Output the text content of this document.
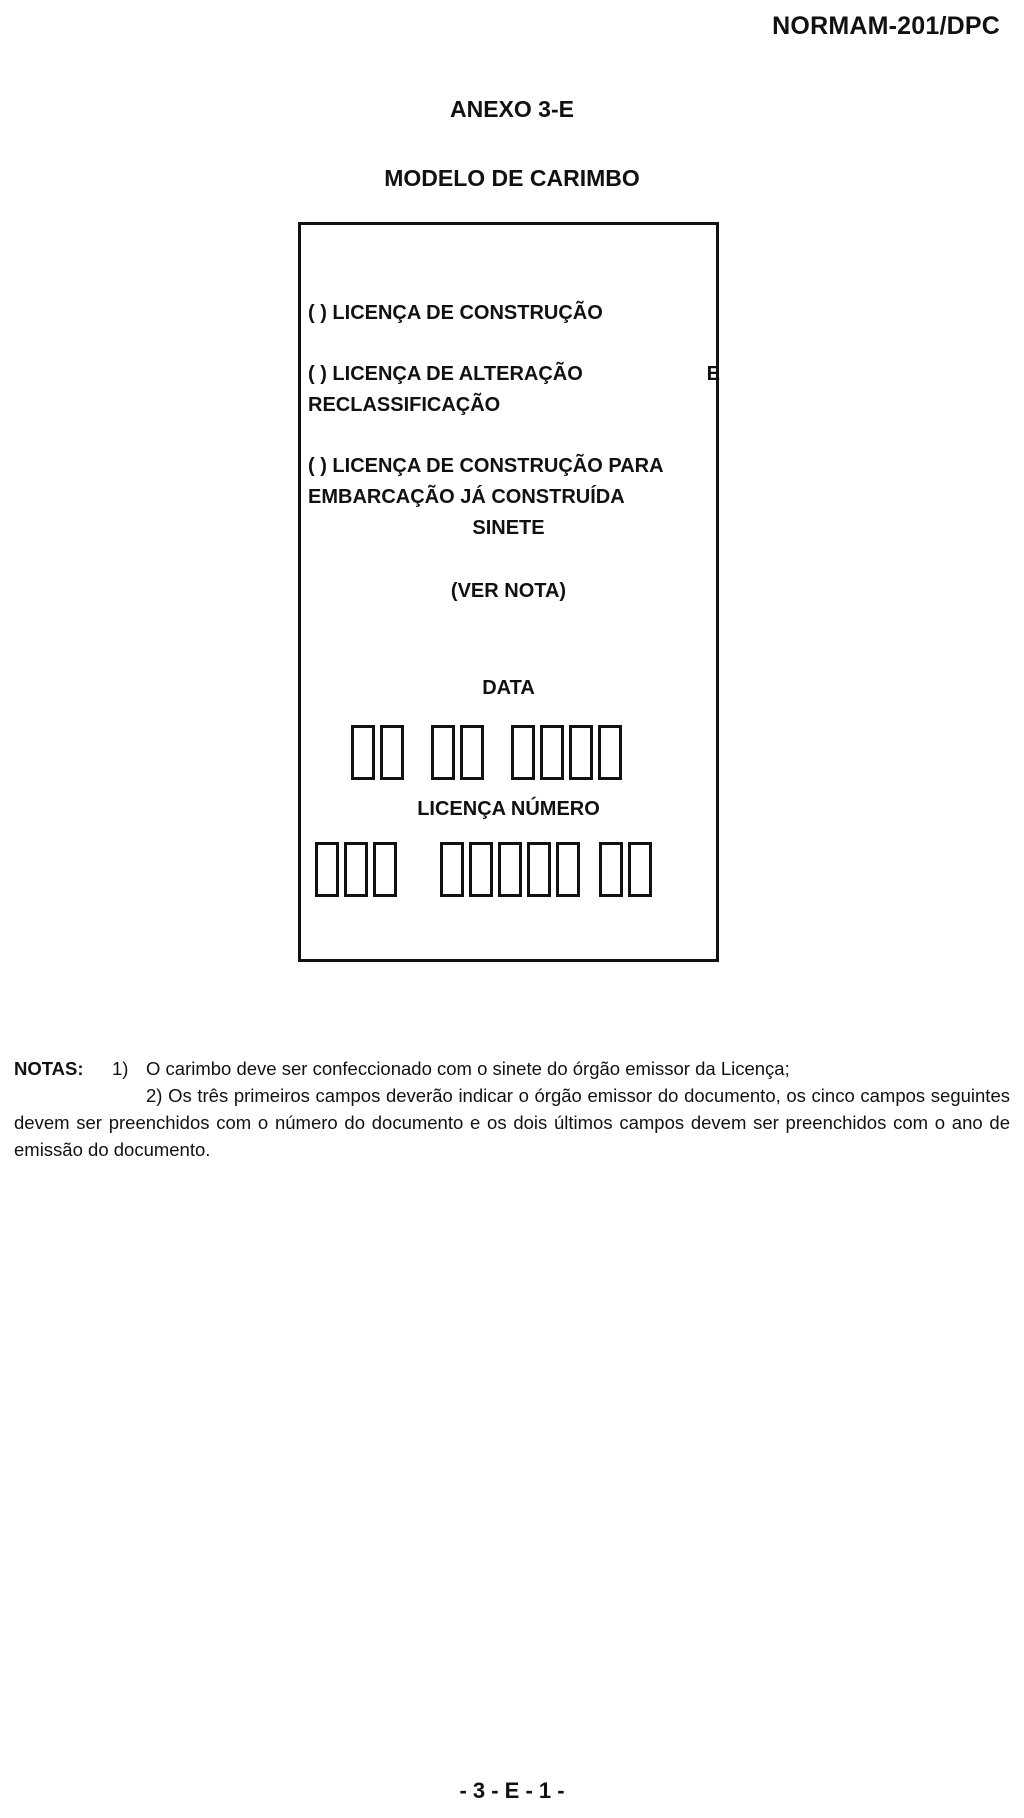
NORMAM-201/DPC
ANEXO 3-E
MODELO DE CARIMBO
( ) LICENÇA DE CONSTRUÇÃO
( ) LICENÇA DE ALTERAÇÃO	E
RECLASSIFICAÇÃO
( ) LICENÇA DE CONSTRUÇÃO PARA
EMBARCAÇÃO JÁ CONSTRUÍDA
SINETE
(VER NOTA)
DATA
LICENÇA NÚMERO

NOTAS:	1) O carimbo deve ser confeccionado com o sinete do órgão emissor da Licença;

2) Os três primeiros campos deverão indicar o órgão emissor do documento, os cinco campos seguintes devem ser preenchidos com o número do documento e os dois últimos campos devem ser preenchidos com o ano de emissão do documento.

- 3 - E - 1 -
